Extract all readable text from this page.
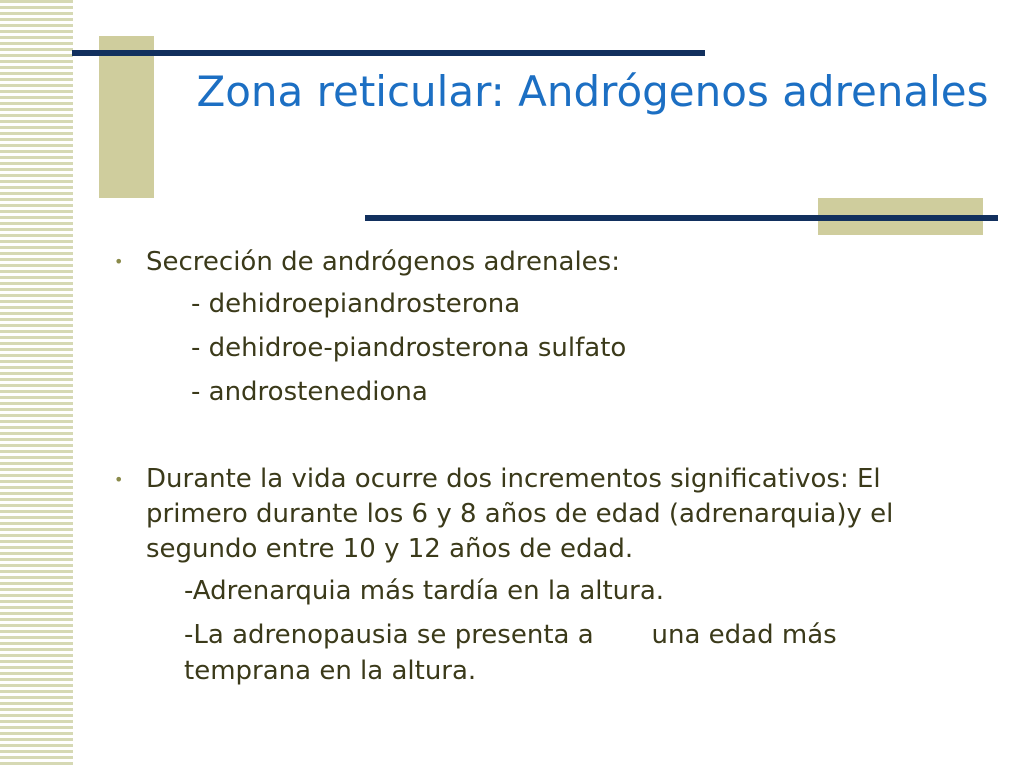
Zona reticular: Andrógenos adrenales
• Secreción de andrógenos adrenales:
- dehidroepiandrosterona
- dehidroe-piandrosterona sulfato
- androstenediona
• Durante la vida ocurre dos incrementos significativos: El primero durante los 6 y 8 años de edad (adrenarquia)y el segundo entre 10 y 12 años de edad.
-Adrenarquia más tardía en la altura.
-La adrenopausia se presenta a       una edad más temprana en la altura.
